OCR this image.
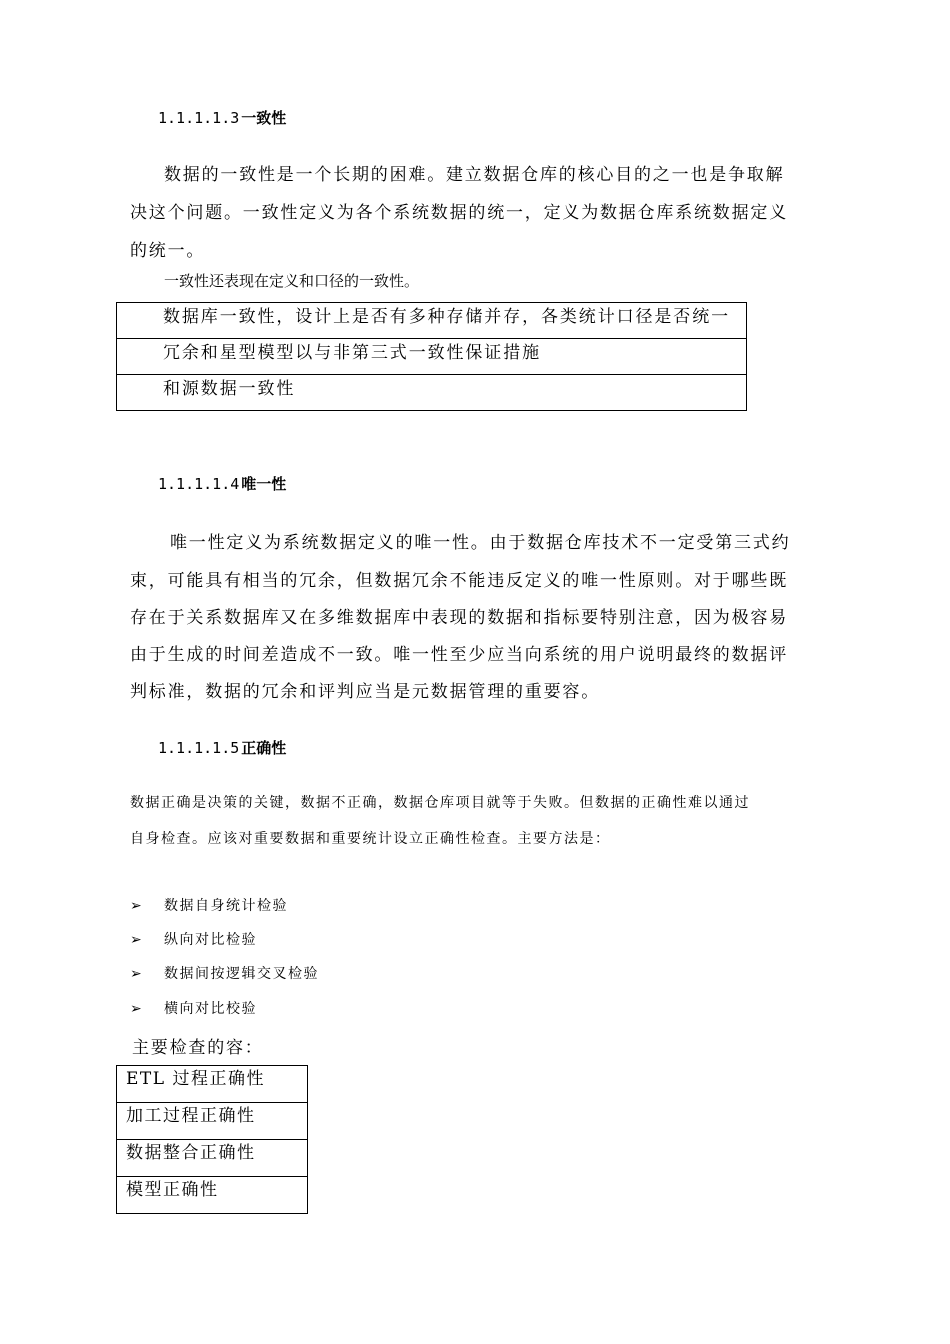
1.1.1.1.3 一致性
数据的一致性是一个长期的困难。建立数据仓库的核心目的之一也是争取解
决这个问题。一致性定义为各个系统数据的统一，定义为数据仓库系统数据定义
的统一。
一致性还表现在定义和口径的一致性。
数据库一致性，设计上是否有多种存储并存，各类统计口径是否统一
冗余和星型模型以与非第三式一致性保证措施
和源数据一致性
1.1.1.1.4 唯一性
唯一性定义为系统数据定义的唯一性。由于数据仓库技术不一定受第三式约
束，可能具有相当的冗余，但数据冗余不能违反定义的唯一性原则。对于哪些既
存在于关系数据库又在多维数据库中表现的数据和指标要特别注意，因为极容易
由于生成的时间差造成不一致。唯一性至少应当向系统的用户说明最终的数据评
判标准，数据的冗余和评判应当是元数据管理的重要容。
1.1.1.1.5 正确性
数据正确是决策的关键，数据不正确，数据仓库项目就等于失败。但数据的正确性难以通过
自身检查。应该对重要数据和重要统计设立正确性检查。主要方法是：
➢ 数据自身统计检验
➢ 纵向对比检验
➢ 数据间按逻辑交叉检验
➢ 横向对比校验
主要检查的容：
ETL 过程正确性
加工过程正确性
数据整合正确性
模型正确性
